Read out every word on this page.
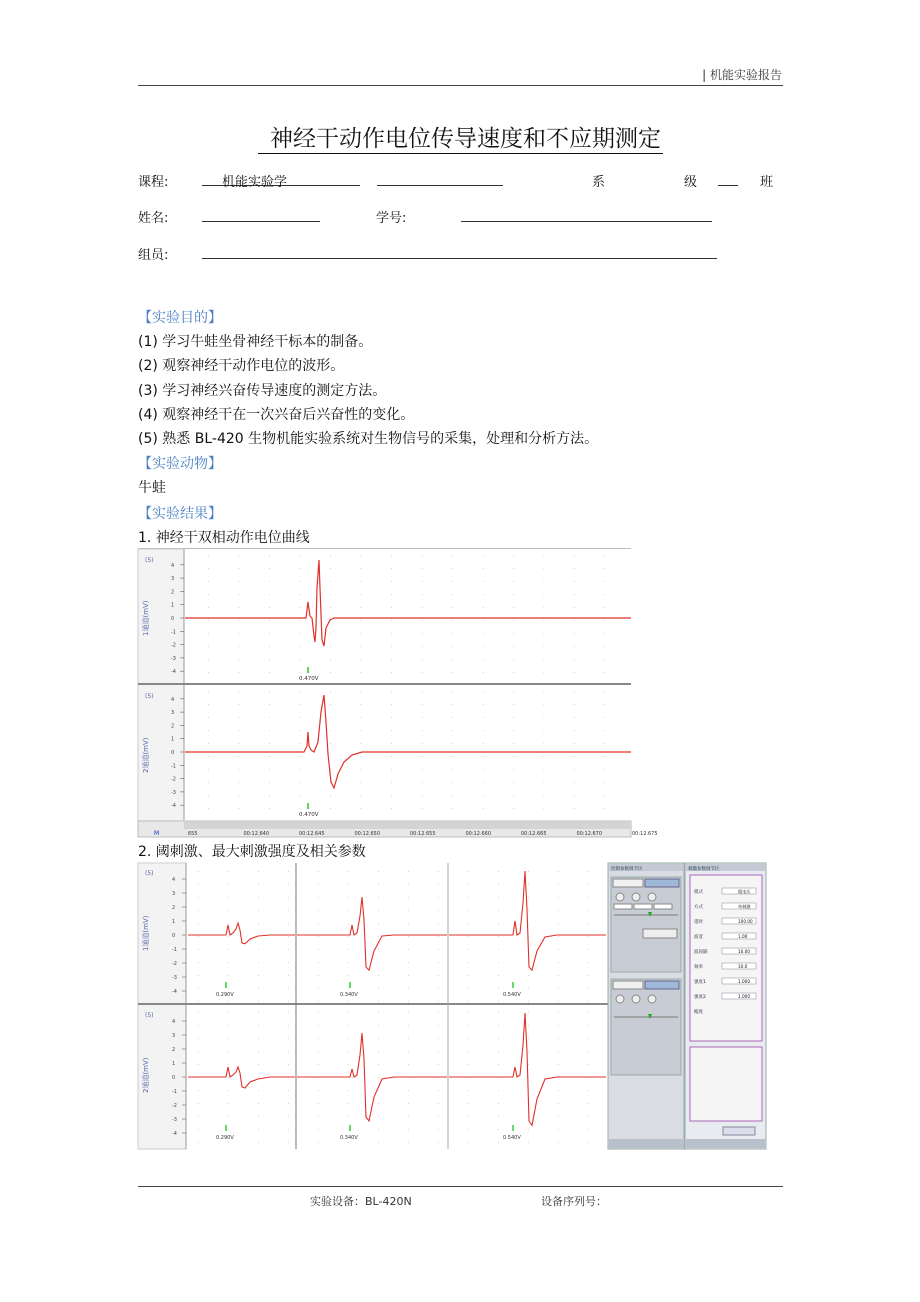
| 机能实验报告
神经干动作电位传导速度和不应期测定
课程:	机能实验学	系	级	班
姓名:	学号:
组员:
【实验目的】
(1) 学习牛蛙坐骨神经干标本的制备。
(2) 观察神经干动作电位的波形。
(3) 学习神经兴奋传导速度的测定方法。
(4) 观察神经干在一次兴奋后兴奋性的变化。
(5) 熟悉 BL-420 生物机能实验系统对生物信号的采集，处理和分析方法。
【实验动物】
牛蛙
【实验结果】
1. 神经干双相动作电位曲线
(5)
(5)
1通道(mV)
2通道(mV)
4
3
2
1
0
-1
-2
-3
-4
4
3
2
1
0
-1
-2
-3
-4
0.470V
0.470V
M	655	00:12.640	00:12.645	00:12.650	00:12.655	00:12.660	00:12.665	00:12.670	00:12.675
2. 阈刺激、最大刺激强度及相关参数
1通道(mV)
2通道(mV)
(5)
(5)
4
3
2
1
0
-1
-2
-3
-4
4
3
2
1
0
-1
-2
-3
-4
0.290V	0.340V	0.540V
0.290V	0.340V	0.540V
控制参数调节区	刺激参数调节区
模式	粗电压
方式	单刺激
延时	100.00
波宽	1.00
波间隔	10.00
频率	10.0
强度1	1.000
强度2	1.000
幅度
实验设备：BL-420N	设备序列号：
